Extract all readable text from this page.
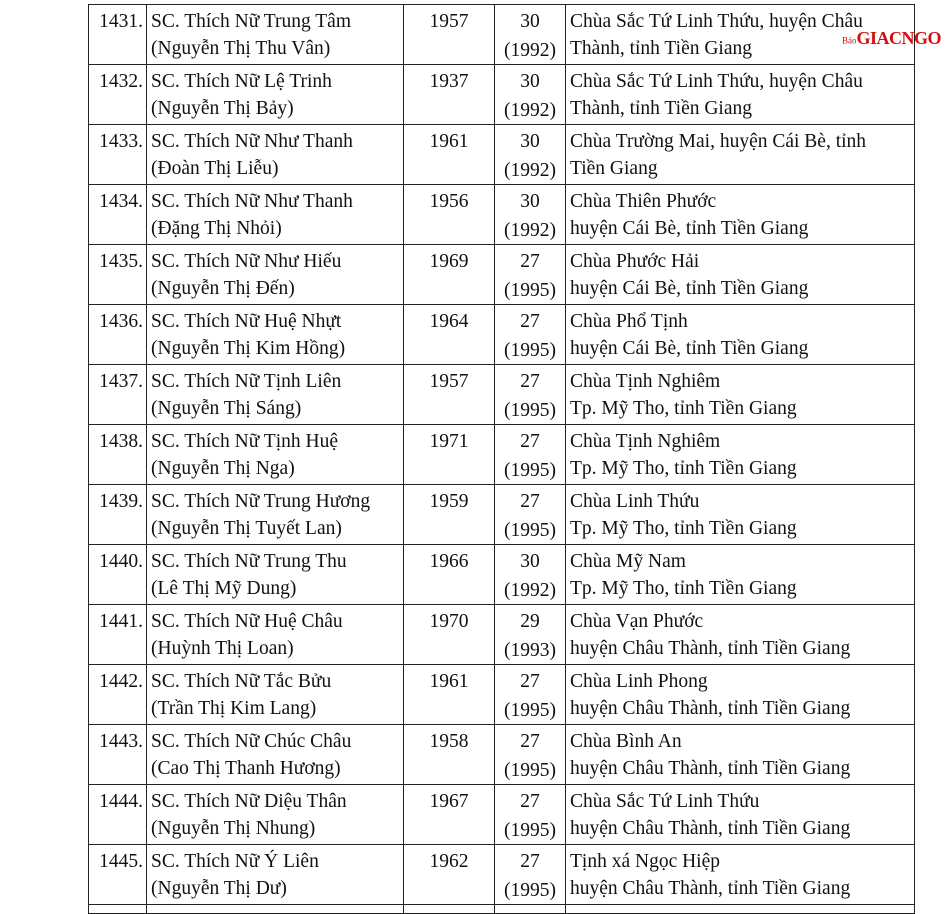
1431.	SC. Thích Nữ Trung Tâm
(Nguyễn Thị Thu Vân)	1957	30
(1992)	Chùa Sắc Tứ Linh Thứu, huyện Châu
Thành, tỉnh Tiền Giang

1432.	SC. Thích Nữ Lệ Trinh
(Nguyễn Thị Bảy)	1937	30
(1992)	Chùa Sắc Tứ Linh Thứu, huyện Châu
Thành, tỉnh Tiền Giang

1433.	SC. Thích Nữ Như Thanh
(Đoàn Thị Liễu)	1961	30
(1992)	Chùa Trường Mai, huyện Cái Bè, tỉnh
Tiền Giang

1434.	SC. Thích Nữ Như Thanh
(Đặng Thị Nhỏi)	1956	30
(1992)	Chùa Thiên Phước
huyện Cái Bè, tỉnh Tiền Giang

1435.	SC. Thích Nữ Như Hiếu
(Nguyễn Thị Đến)	1969	27
(1995)	Chùa Phước Hải
huyện Cái Bè, tỉnh Tiền Giang

1436.	SC. Thích Nữ Huệ Nhựt
(Nguyễn Thị Kim Hồng)	1964	27
(1995)	Chùa Phổ Tịnh
huyện Cái Bè, tỉnh Tiền Giang

1437.	SC. Thích Nữ Tịnh Liên
(Nguyễn Thị Sáng)	1957	27
(1995)	Chùa Tịnh Nghiêm
Tp. Mỹ Tho, tỉnh Tiền Giang

1438.	SC. Thích Nữ Tịnh Huệ
(Nguyễn Thị Nga)	1971	27
(1995)	Chùa Tịnh Nghiêm
Tp. Mỹ Tho, tỉnh Tiền Giang

1439.	SC. Thích Nữ Trung Hương
(Nguyễn Thị Tuyết Lan)	1959	27
(1995)	Chùa Linh Thứu
Tp. Mỹ Tho, tỉnh Tiền Giang

1440.	SC. Thích Nữ Trung Thu
(Lê Thị Mỹ Dung)	1966	30
(1992)	Chùa Mỹ Nam
Tp. Mỹ Tho, tỉnh Tiền Giang

1441.	SC. Thích Nữ Huệ Châu
(Huỳnh Thị Loan)	1970	29
(1993)	Chùa Vạn Phước
huyện Châu Thành, tỉnh Tiền Giang

1442.	SC. Thích Nữ Tắc Bửu
(Trần Thị Kim Lang)	1961	27
(1995)	Chùa Linh Phong
huyện Châu Thành, tỉnh Tiền Giang

1443.	SC. Thích Nữ Chúc Châu
(Cao Thị Thanh Hương)	1958	27
(1995)	Chùa Bình An
huyện Châu Thành, tỉnh Tiền Giang

1444.	SC. Thích Nữ Diệu Thân
(Nguyễn Thị Nhung)	1967	27
(1995)	Chùa Sắc Tứ Linh Thứu
huyện Châu Thành, tỉnh Tiền Giang

1445.	SC. Thích Nữ Ý Liên
(Nguyễn Thị Dư)	1962	27
(1995)	Tịnh xá Ngọc Hiệp
huyện Châu Thành, tỉnh Tiền Giang

BáoGIACNGO
